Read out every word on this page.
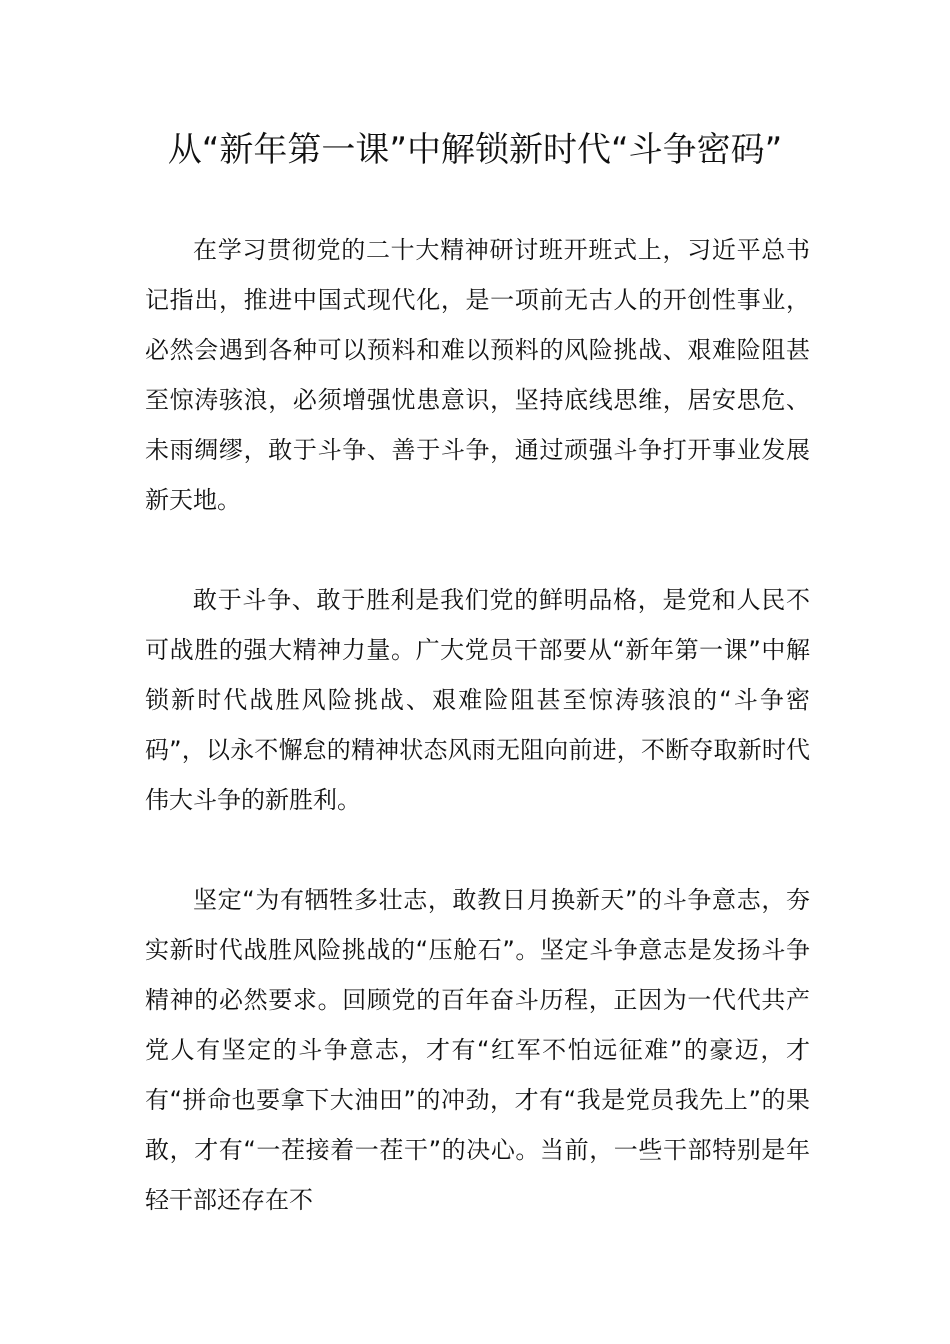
从“新年第一课”中解锁新时代“斗争密码”

在学习贯彻党的二十大精神研讨班开班式上，习近平总书记指出，推进中国式现代化，是一项前无古人的开创性事业，必然会遇到各种可以预料和难以预料的风险挑战、艰难险阻甚至惊涛骇浪，必须增强忧患意识，坚持底线思维，居安思危、未雨绸缪，敢于斗争、善于斗争，通过顽强斗争打开事业发展新天地。

敢于斗争、敢于胜利是我们党的鲜明品格，是党和人民不可战胜的强大精神力量。广大党员干部要从“新年第一课”中解锁新时代战胜风险挑战、艰难险阻甚至惊涛骇浪的“斗争密码”，以永不懈怠的精神状态风雨无阻向前进，不断夺取新时代伟大斗争的新胜利。

坚定“为有牺牲多壮志，敢教日月换新天”的斗争意志，夯实新时代战胜风险挑战的“压舱石”。坚定斗争意志是发扬斗争精神的必然要求。回顾党的百年奋斗历程，正因为一代代共产党人有坚定的斗争意志，才有“红军不怕远征难”的豪迈，才有“拼命也要拿下大油田”的冲劲，才有“我是党员我先上”的果敢，才有“一茬接着一茬干”的决心。当前，一些干部特别是年轻干部还存在不
